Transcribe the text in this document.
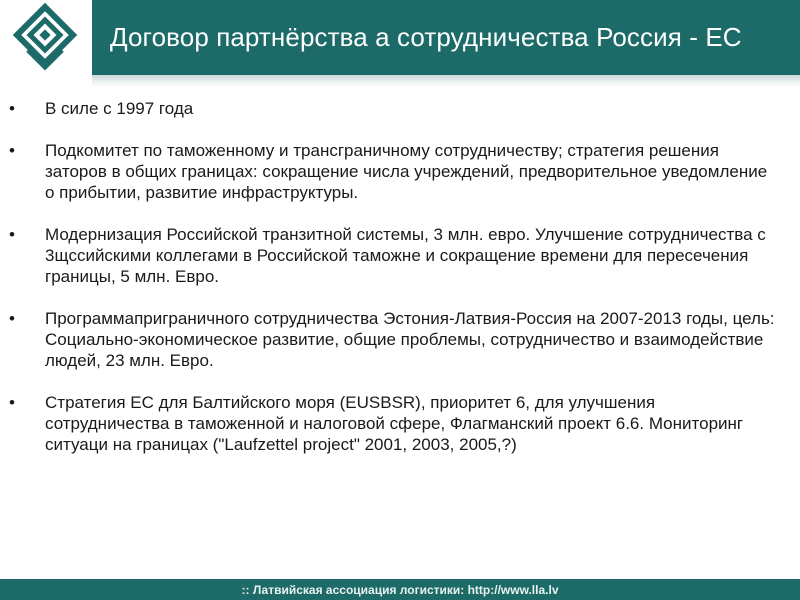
Договор партнёрства а сотрудничества Россия - ЕС
•	В силе с 1997 года
•	Подкомитет по таможенному и трансграничному сотрудничеству; стратегия решения заторов в общих границах: сокращение числа учреждений, предворительное уведомление о прибытии, развитие инфраструктуры.
•	Модернизация Российской транзитной системы, 3 млн. евро. Улучшение сотрудничества с 3щссийскими коллегами в Российской таможне и сокращение времени для пересечения границы, 5 млн. Евро.
•	Программаприграничного сотрудничества Эстония-Латвия-Россия на 2007-2013 годы, цель: Социально-экономическое развитие, общие проблемы, сотрудничество и взаимодействие людей, 23 млн. Евро.
•	Стратегия ЕС для Балтийского моря (EUSBSR), приоритет 6, для улучшения сотрудничества в таможенной и налоговой сфере, Флагманский проект 6.6. Мониторинг ситуаци на границах ("Laufzettel project" 2001, 2003, 2005,?)
:: Латвийская ассоциация логистики: http://www.lla.lv
